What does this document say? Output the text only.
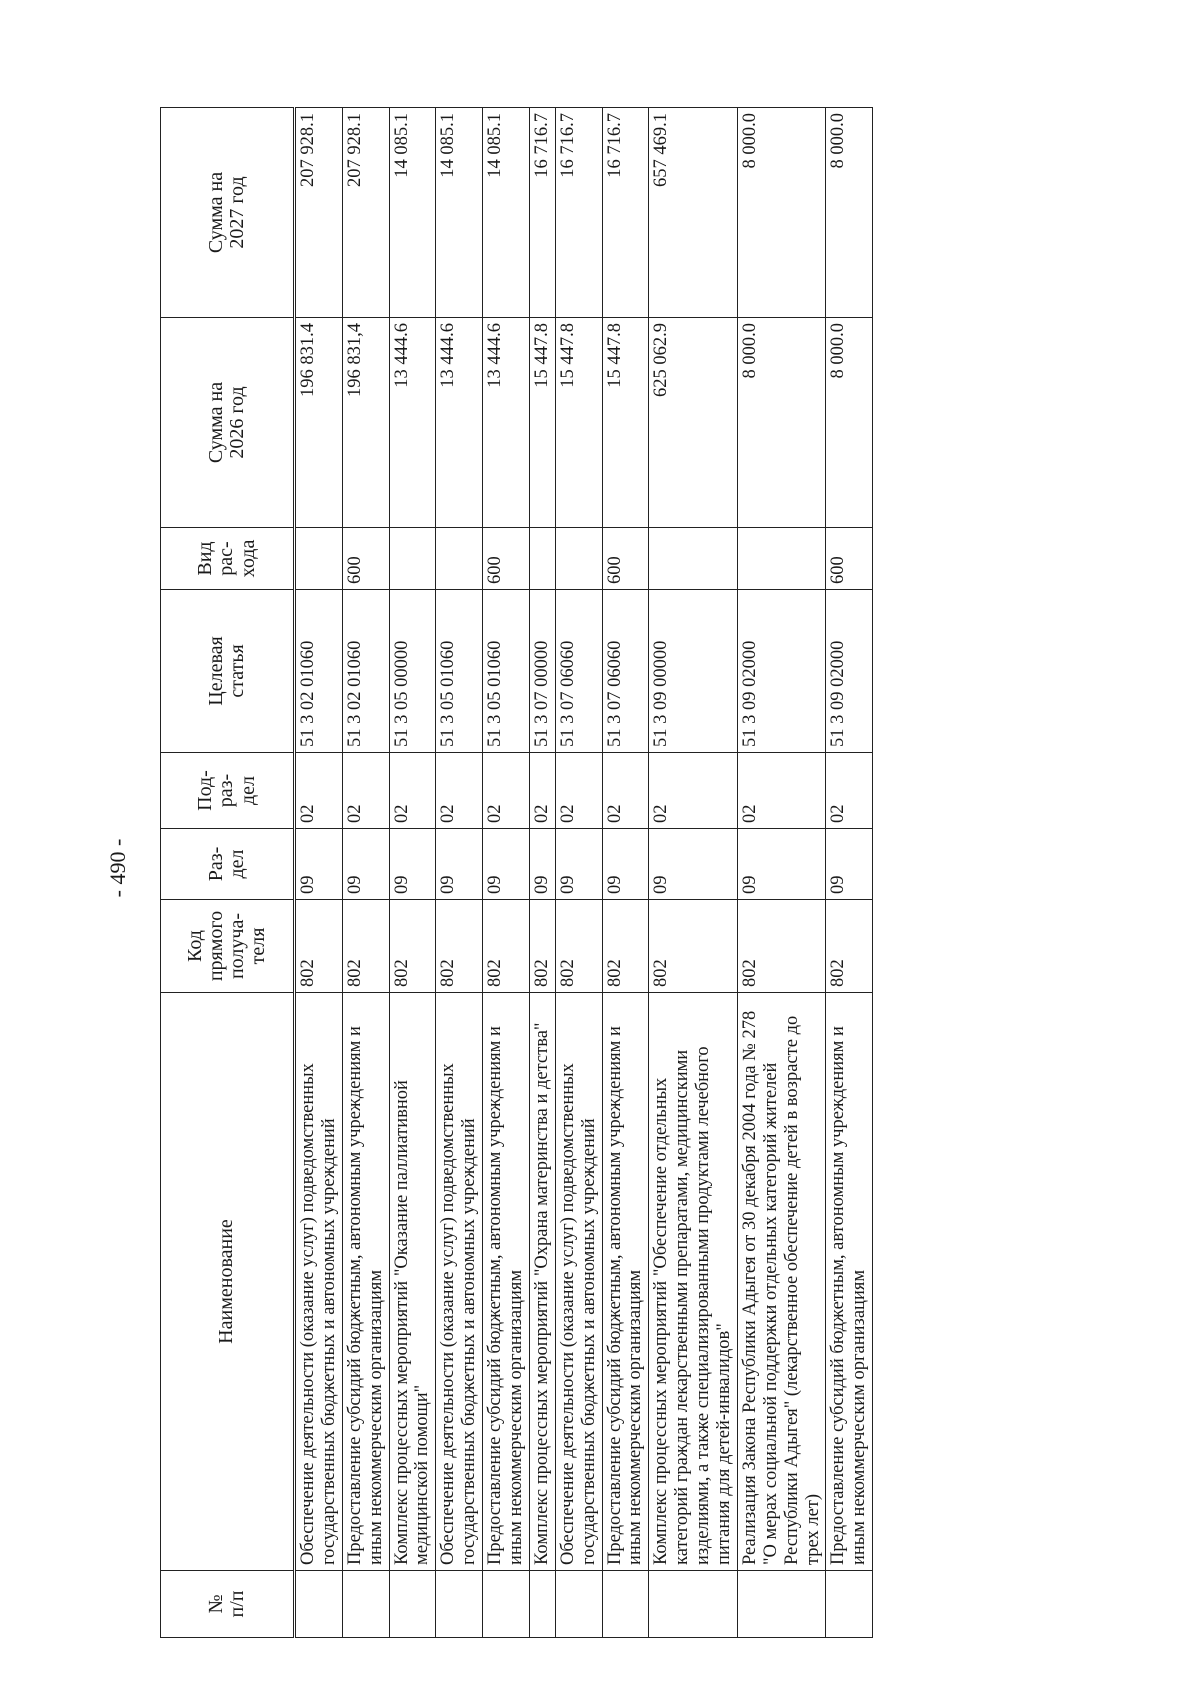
- 490 -
№ п/п	Наименование	Код прямого получа- теля	Раз- дел	Под- раз- дел	Целевая статья	Вид рас- хода	Сумма на 2026 год	Сумма на 2027 год

	Обеспечение деятельности (оказание услуг) подведомственных государственных бюджетных и автономных учреждений	802	09	02	51 3 02 01060		196 831.4	207 928.1
	Предоставление субсидий бюджетным, автономным учреждениям и иным некоммерческим организациям	802	09	02	51 3 02 01060	600	196 831,4	207 928.1
	Комплекс процессных мероприятий "Оказание паллиативной медицинской помощи"	802	09	02	51 3 05 00000		13 444.6	14 085.1
	Обеспечение деятельности (оказание услуг) подведомственных государственных бюджетных и автономных учреждений	802	09	02	51 3 05 01060		13 444.6	14 085.1
	Предоставление субсидий бюджетным, автономным учреждениям и иным некоммерческим организациям	802	09	02	51 3 05 01060	600	13 444.6	14 085.1
	Комплекс процессных мероприятий "Охрана материнства и детства"	802	09	02	51 3 07 00000		15 447.8	16 716.7
	Обеспечение деятельности (оказание услуг) подведомственных государственных бюджетных и автономных учреждений	802	09	02	51 3 07 06060		15 447.8	16 716.7
	Предоставление субсидий бюджетным, автономным учреждениям и иным некоммерческим организациям	802	09	02	51 3 07 06060	600	15 447.8	16 716.7
	Комплекс процессных мероприятий "Обеспечение отдельных категорий граждан лекарственными препаратами, медицинскими изделиями, а также специализированными продуктами лечебного питания для детей-инвалидов"	802	09	02	51 3 09 00000		625 062.9	657 469.1
	Реализация Закона Республики Адыгея от 30 декабря 2004 года № 278 "О мерах социальной поддержки отдельных категорий жителей Республики Адыгея" (лекарственное обеспечение детей в возрасте до трех лет)	802	09	02	51 3 09 02000		8 000.0	8 000.0
	Предоставление субсидий бюджетным, автономным учреждениям и иным некоммерческим организациям	802	09	02	51 3 09 02000	600	8 000.0	8 000.0
